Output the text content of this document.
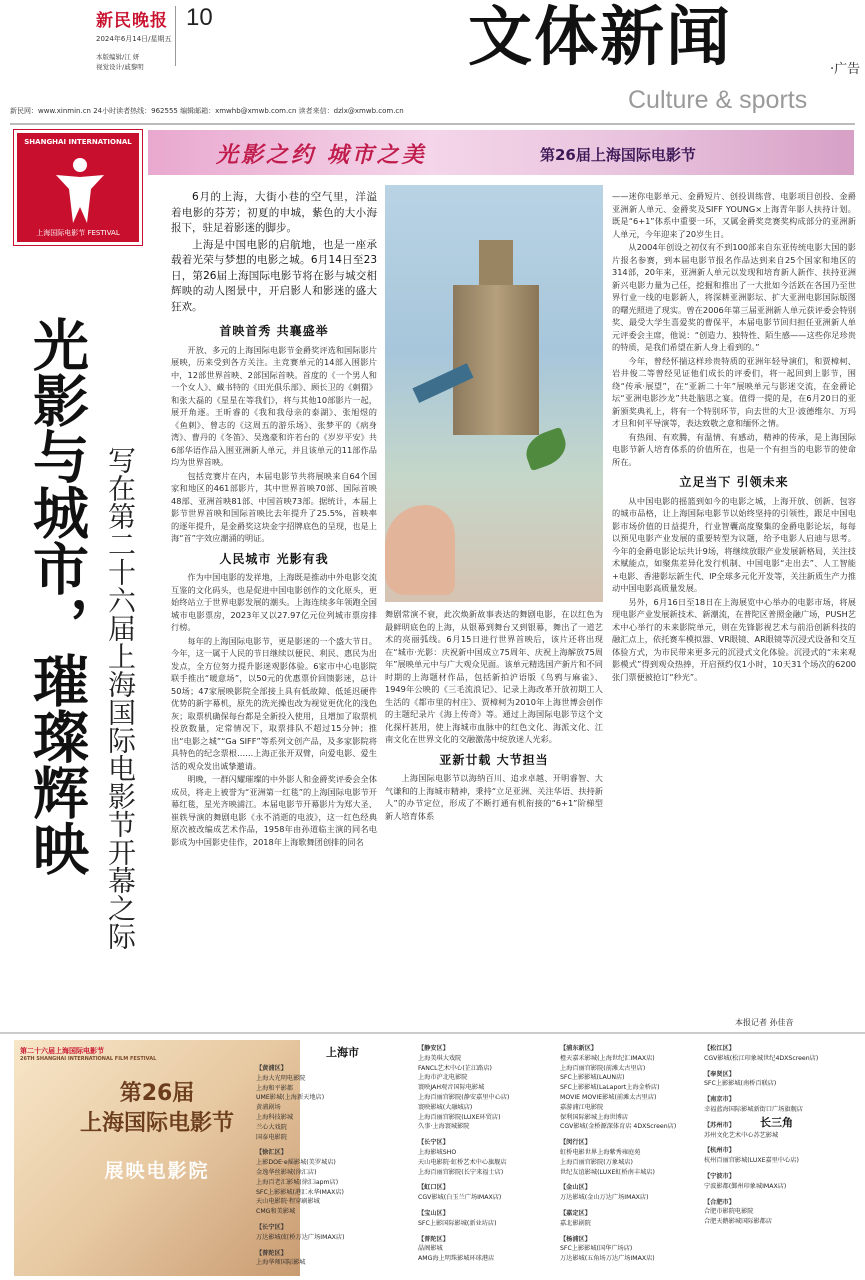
新民晚报 10
2024年6月14日/星期五
本版编辑/江 妍
视觉设计/戚黎明	文体新闻	·广告
Culture & sports
新民网：www.xinmin.cn 24小时读者热线：962555 编辑邮箱：xmwhb@xmwb.com.cn 读者来信：dzlx@xmwb.com.cn
SHANGHAI INTERNATIONAL
上海国际电影节 FESTIVAL
光影之约 城市之美	第26届上海国际电影节
光影与城市，璀璨辉映 写在第二十六届上海国际电影节开幕之际

6月的上海，大街小巷的空气里，洋溢着电影的芬芳；初夏的申城，紫色的大小海报下，驻足着影迷的脚步。

上海是中国电影的启航地，也是一座承载着光荣与梦想的电影之城。6月14日至23日，第26届上海国际电影节将在影与城交相辉映的动人图景中，开启影人和影迷的盛大狂欢。

首映首秀 共襄盛举

开放、多元的上海国际电影节金爵奖评选和国际影片展映，历来受到各方关注。主竞赛单元的14部入围影片中，12部世界首映、2部国际首映。首度的《一个男人和一个女人》、藏书特的《田光俱乐部》、顾长卫的《刺猬》和张大磊的《星星在等我们》，将与其他10部影片一起，展开角逐。王昕睿的《我和我母亲的泰湖》、张旭煜的《鱼刺》、曾志的《这周五的游乐场》、张梦平的《病身湾》、曹丹的《冬笛》、吴逸豪和许若台的《岁岁平安》共6部华语作品入围亚洲新人单元，并且该单元的11部作品均为世界首映。

包括竞赛片在内，本届电影节共将展映来自64个国家和地区的461部影片，其中世界首映70部、国际首映48部、亚洲首映81部、中国首映73部。据统计，本届上影节世界首映和国际首映比去年提升了25.5%，首映率的逐年提升，是金爵奖这块金字招牌底色的呈现，也是上海“首”字效应潮涌的明证。

人民城市 光影有我

作为中国电影的发祥地，上海既是推动中外电影交流互鉴的文化码头，也是促进中国电影创作的文化原头，更始终站立于世界电影发展的潮头。上海连续多年领跑全国城市电影票房，2023年又以27.97亿元位列城市票房排行榜。

每年的上海国际电影节，更是影迷的一个盛大节日。今年，这一属于人民的节日继续以便民、利民、惠民为出发点，全方位努力提升影迷观影体验。6家市中心电影院联手推出“暖意场”，以50元的优惠票价回馈影迷，总计50场；47家展映影院全部接上具有低故障、低延迟硬件优势的新字幕机，原先的洗光操也改为视觉更优化的浅色灰；取票机确保每台都是全新投入使用，且增加了取票机投放数量，定常情况下，取票排队不超过15分钟；推出“电影之城”“Ga SIFF”等系列文创产品，及多家影院将具特色的纪念票根……上海正张开双臂，向爱电影、爱生活的观众发出诚挚邀请。

明晚，一群闪耀璀璨的中外影人和金爵奖评委会全体成员，将走上被誉为“亚洲第一红毯”的上海国际电影节开幕红毯，星光齐映浦江。本届电影节开幕影片为郑大圣、崔轶导演的舞剧电影《永不消逝的电波》，这一红色经典原次被改编成艺术作品，1958年由孙道临主演的同名电影成为中国影史佳作，2018年上海歌舞团创排的同名

舞剧常演不衰，此次焕新故事表达的舞剧电影，在以红色为最鲜明底色的上海，从银幕到舞台又到银幕，舞出了一道艺术的亮丽弧线。6月15日进行世界首映后，该片还将出现在“城市·光影：庆祝新中国成立75周年、庆祝上海解放75周年”展映单元中与广大观众见面。该单元精选国产新片和不同时期的上海题材作品，包括新拍沪语版《鸟鸦与麻雀》、1949年公映的《三毛流浪记》、记录上海改革开放初期工人生活的《都市里的村庄》、贾樟柯为2010年上海世博会创作的主题纪录片《海上传奇》等。通过上海国际电影节这个文化探杆甚用，使上海城市血脉中的红色文化、海派文化、江南文化在世界文化的交融激荡中绽放迷人光彩。

亚新廿载 大节担当

上海国际电影节以海纳百川、追求卓越、开明睿智、大气谦和的上海城市精神，秉持“立足亚洲、关注华语、扶持新人”的办节定位，形成了不断打通有机衔接的“6+1”阶梯型新人培育体系

——迷你电影单元、金爵短片、创投训练营、电影项目创投、金爵亚洲新人单元、金爵奖及SIFF YOUNG×上海青年影人扶持计划。既是“6+1”体系中重要一环，又属金爵奖竞赛奖构成部分的亚洲新人单元，今年迎来了20岁生日。

从2004年创设之初仅有不到100部来自东亚传统电影大国的影片报名参赛，到本届电影节报名作品达到来自25个国家和地区的314部，20年来，亚洲新人单元以发现和培育新人新作、扶持亚洲新兴电影力量为己任，挖掘和推出了一大批如今活跃在各国乃至世界行业一线的电影新人，将深耕亚洲影坛、扩大亚洲电影国际版图的曙光照进了现实。曾在2006年第三届亚洲新人单元获评委会特别奖、最受大学生喜爱奖的曹保平，本届电影节回归担任亚洲新人单元评委会主席，他说：“创造力、独特性、陌生感——这些你足珍贵的特质，是我们希望在新人身上看到的。”

今年，曾经怀揣这样珍贵特质的亚洲年轻导演们，和贾樟柯、岩井俊二等曾经见证他们成长的评委们，将一起回到上影节，围绕“传承·展望”，在“亚新二十年”展映单元与影迷交流，在金爵论坛“亚洲电影沙龙”共赴脑思之宴。值得一提的是，在6月20日的亚新颁奖典礼上，将有一个特别环节，向去世的大卫·波德维尔、万玛才旦和何平导演等，表达致敬之意和缅怀之情。

有热闹、有欢腾，有温情、有感动，精神的传承，是上海国际电影节新人培育体系的价值所在，也是一个有担当的电影节的使命所在。

立足当下 引领未来

从中国电影的摇篮到如今的电影之城，上海开放、创新、包容的城市品格，让上海国际电影节以始终坚持的引领性，跟足中国电影市场价值的日益提升，行业智囊高度聚集的金爵电影论坛，每每以预见电影产业发展的重要转型为议题，给予电影人启迪与思考。今年的金爵电影论坛共计9场，将继续放眼产业发展新格局，关注技术赋能点，如聚焦差异化发行机制、中国电影“走出去”、人工智能+电影、香港影坛新生代、IP全球多元化开发等，关注新质生产力推动中国电影高质量发展。

另外，6月16日至18日在上海展览中心举办的电影市场，将展现电影产业发展新技术、新潮流，在普陀区普照金融广场，PUSH艺术中心举行的未来影院单元，则在先锋影视艺术与前沿创新科技的融汇点上，依托赛车模拟器、VR眼镜、AR眼镜等沉浸式设备和交互体验方式，为市民带来更多元的沉浸式文化体验。沉浸式的“未来观影模式”得到观众热捧，开启预约仅1小时，10天31个场次的6200张门票便被抢订“秒光”。

本报记者 孙佳音
第二十六届上海国际电影节
26TH SHANGHAI INTERNATIONAL FILM FESTIVAL
第26届
上海国际电影节
展映电影院
上海市
长三角
【黄浦区】
上海大光明电影院
上海和平影都
UME影城(上海新天地店)
黄浦剧场
上海科技影城
兰心大戏院
国泰电影院
【徐汇区】
上影DOE·e摇影城(美罗城店)
金逸华丝影城(徐汇店)
上海百老汇影城(徐汇iapm店)
SFC上影影城(港汇永华IMAX店)
天山电影院·程穿刷影城
CMG和美影城
【长宁区】
万达影城(虹桥万达广场IMAX店)
【普陀区】
上海华师国际影城
【静安区】
上海美琪大戏院
FANCL艺术中心(芷江路店)
上海市沪北电影院
寰映JAH观音国际电影城
上海百丽宫影院(静安嘉里中心店)
寰映影城(大融城店)
上海百丽宫影院(LUXE环贸店)
久事·上海寰城影院
【长宁区】
上海影城SHO
天山电影院·虹桥艺术中心旗舰店
上海百丽宫影院(长宁来福士店)
【虹口区】
CGV影城(白玉兰广场IMAX店)
【宝山区】
SFC上影国际影城(新业坊店)
【普陀区】
晶阁影城
AMG海上明珠影城环球港店
【浦东新区】
橙天嘉禾影城(上海世纪汇IMAX店)
上海百丽宫影院(前滩太古里店)
SFC上影影城(LAUN店)
SFC上影影城(LaLaport上海金桥店)
MOVIE MOVIE影城(前滩太古里店)
嘉游浦江电影院
保利国际影城上海世博店
CGV影城(金桥源深体育店 4DXScreen店)
【闵行区】
虹桥电影世界上海紫秀雍庭苑
上海百丽宫影院(万象城店)
世纪友谊影城(LUXE虹桥南丰城店)
【金山区】
万达影城(金山万达广场IMAX店)
【嘉定区】
嘉北影剧院
【杨浦区】
SFC上影影城(国华广场店)
万达影城(五角场万达广场IMAX店)
【松江区】
CGV影城(松江印象城世纪4DXScreen店)
【奉贤区】
SFC上影影城(南桥百联店)
【南京市】
幸福蓝海国际影城新街口广场旗舰店
【苏州市】
苏州文化艺术中心苏艺影城
【杭州市】
杭州百丽宫影城(LUXE嘉里中心店)
【宁波市】
宁波影都(鄞州印象城IMAX店)
【合肥市】
合肥市影院电影院
合肥天鹅影城国际影都店
